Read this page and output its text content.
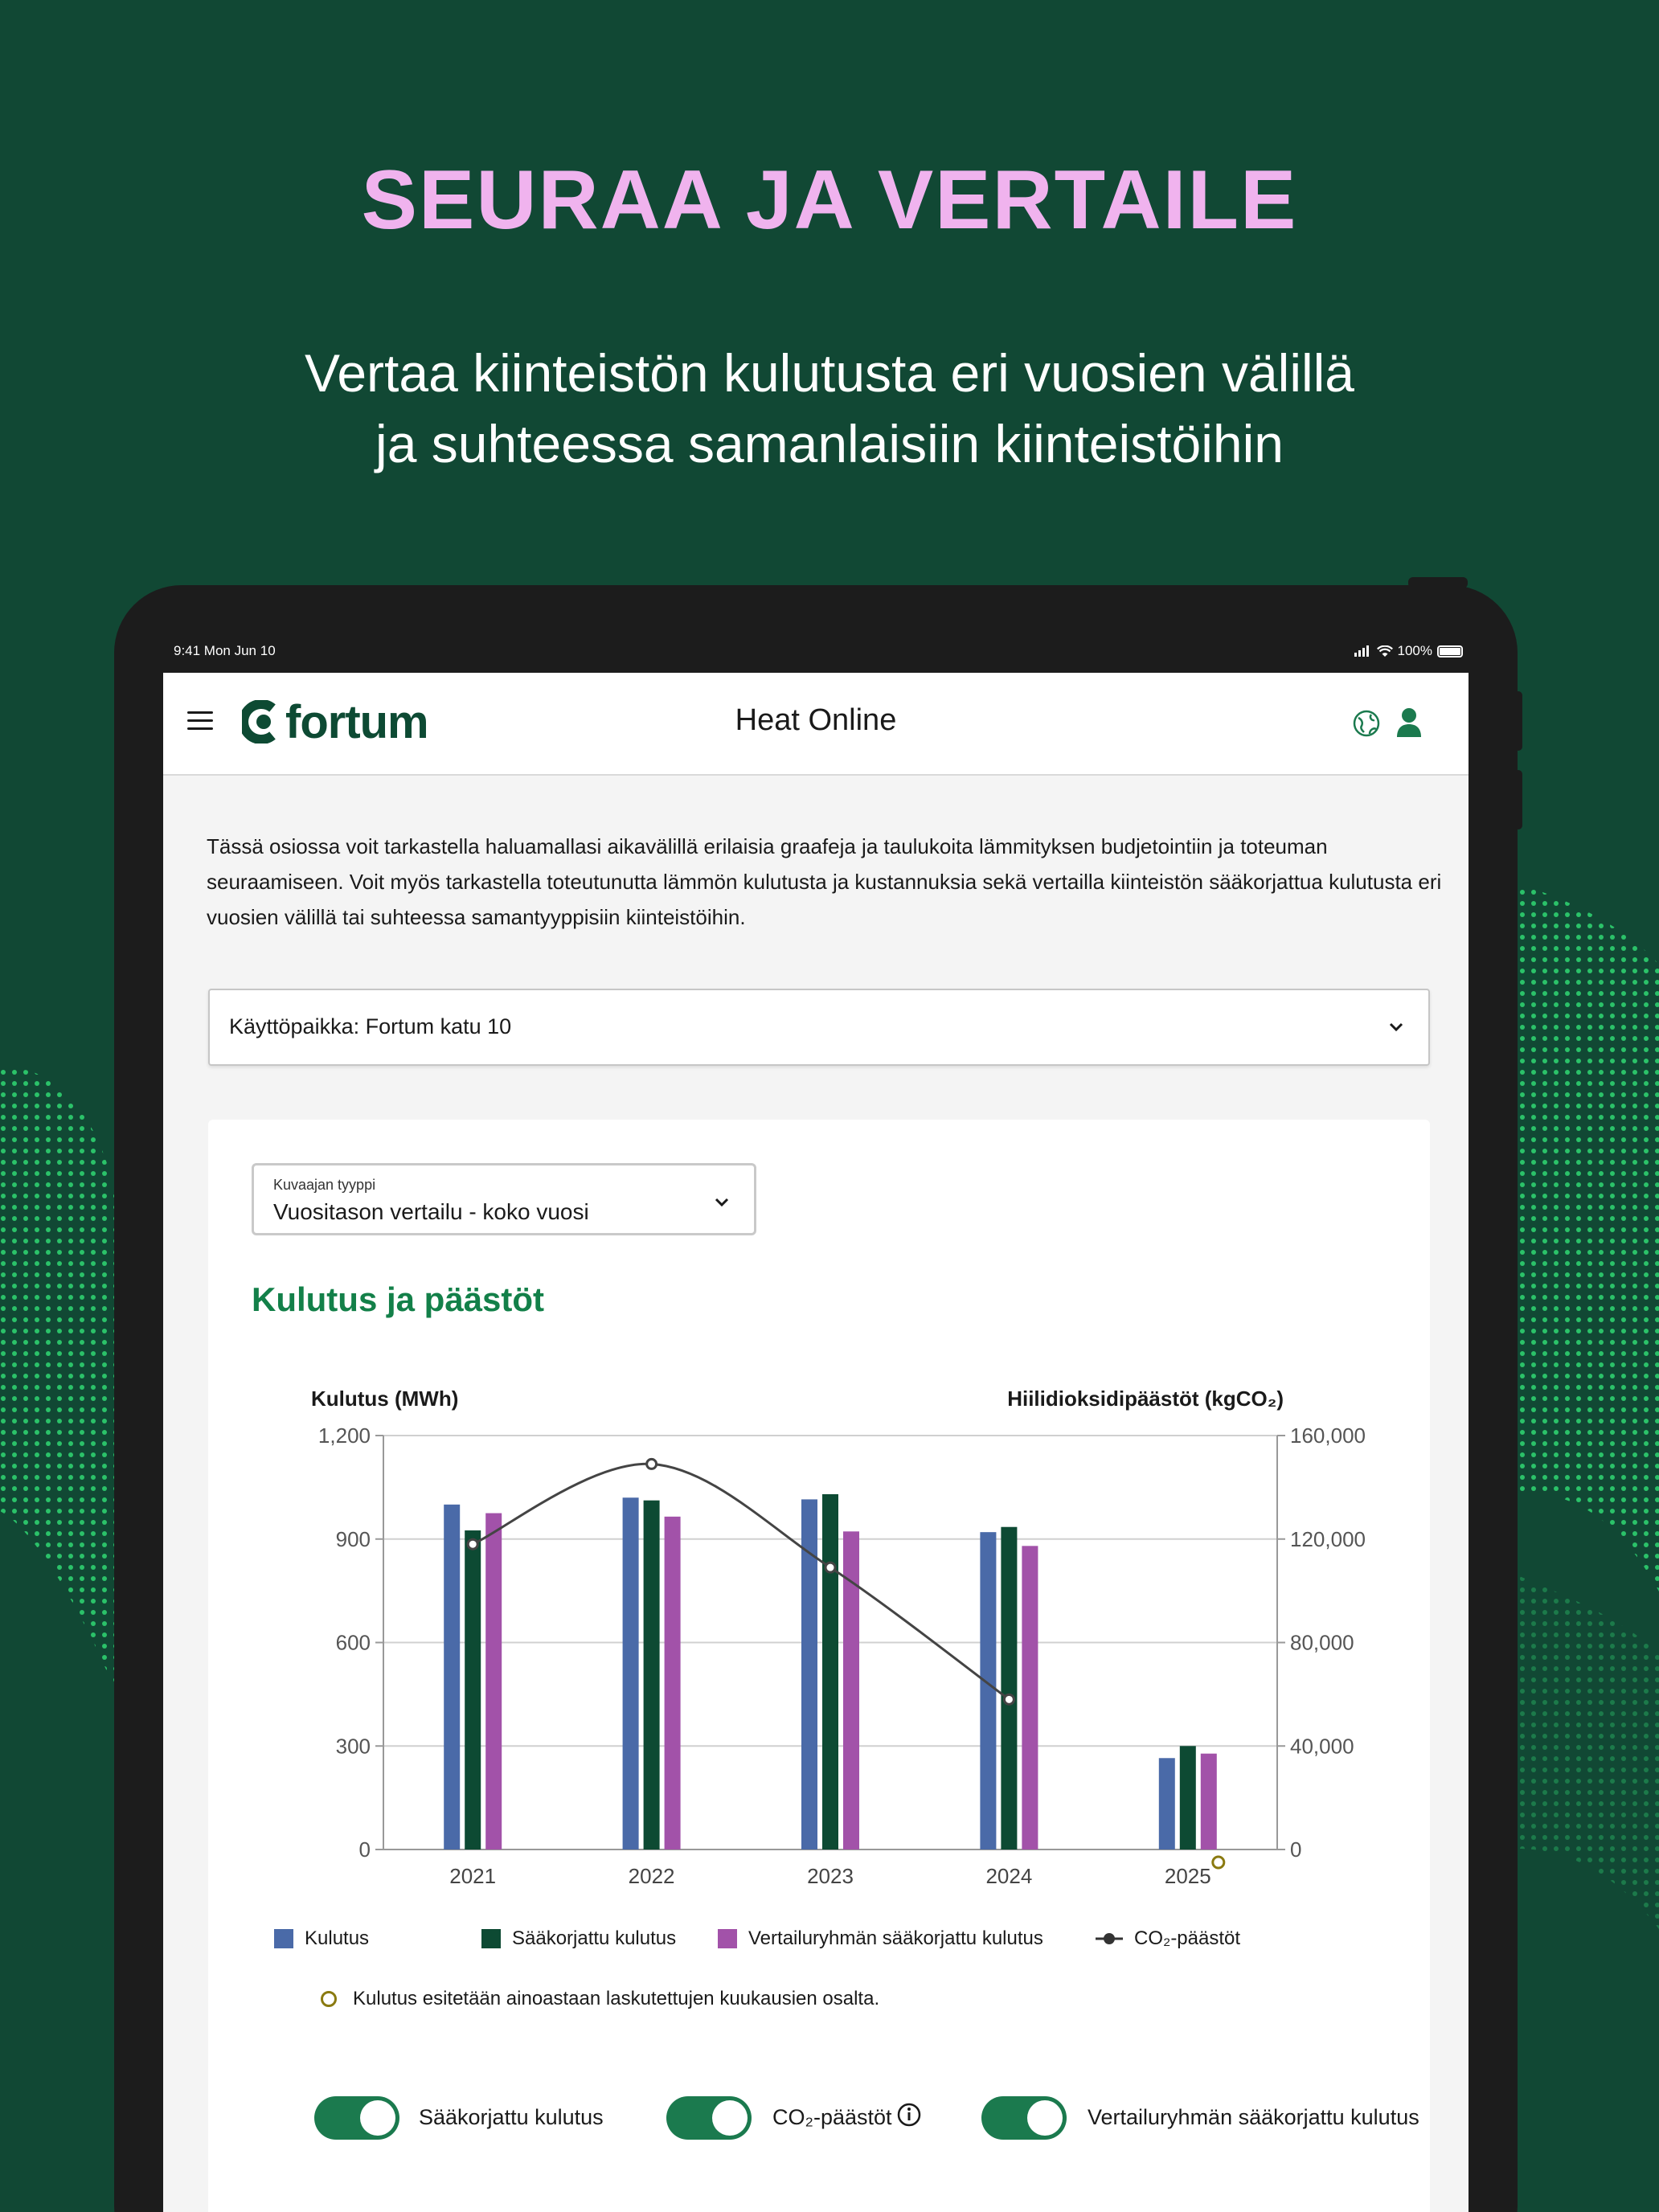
SEURAA JA VERTAILE
Vertaa kiinteistön kulutusta eri vuosien välillä
ja suhteessa samanlaisiin kiinteistöihin
9:41 Mon Jun 10	100%
fortum	Heat Online
Tässä osiossa voit tarkastella haluamallasi aikavälillä erilaisia graafeja ja taulukoita lämmityksen budjetointiin ja toteuman seuraamiseen. Voit myös tarkastella toteutunutta lämmön kulutusta ja kustannuksia sekä vertailla kiinteistön sääkorjattua kulutusta eri vuosien välillä tai suhteessa samantyyppisiin kiinteistöihin.
Käyttöpaikka: Fortum katu 10
Kuvaajan tyyppi
Vuositason vertailu - koko vuosi
Kulutus ja päästöt
Kulutus (MWh)	Hiilidioksidipäästöt (kgCO₂)
1,200	160,000
900	120,000
600	80,000
300	40,000
0	0
2021	2022	2023	2024	2025
Kulutus	Sääkorjattu kulutus	Vertailuryhmän sääkorjattu kulutus	CO₂-päästöt
Kulutus esitetään ainoastaan laskutettujen kuukausien osalta.
Sääkorjattu kulutus	CO₂-päästöt	Vertailuryhmän sääkorjattu kulutus
